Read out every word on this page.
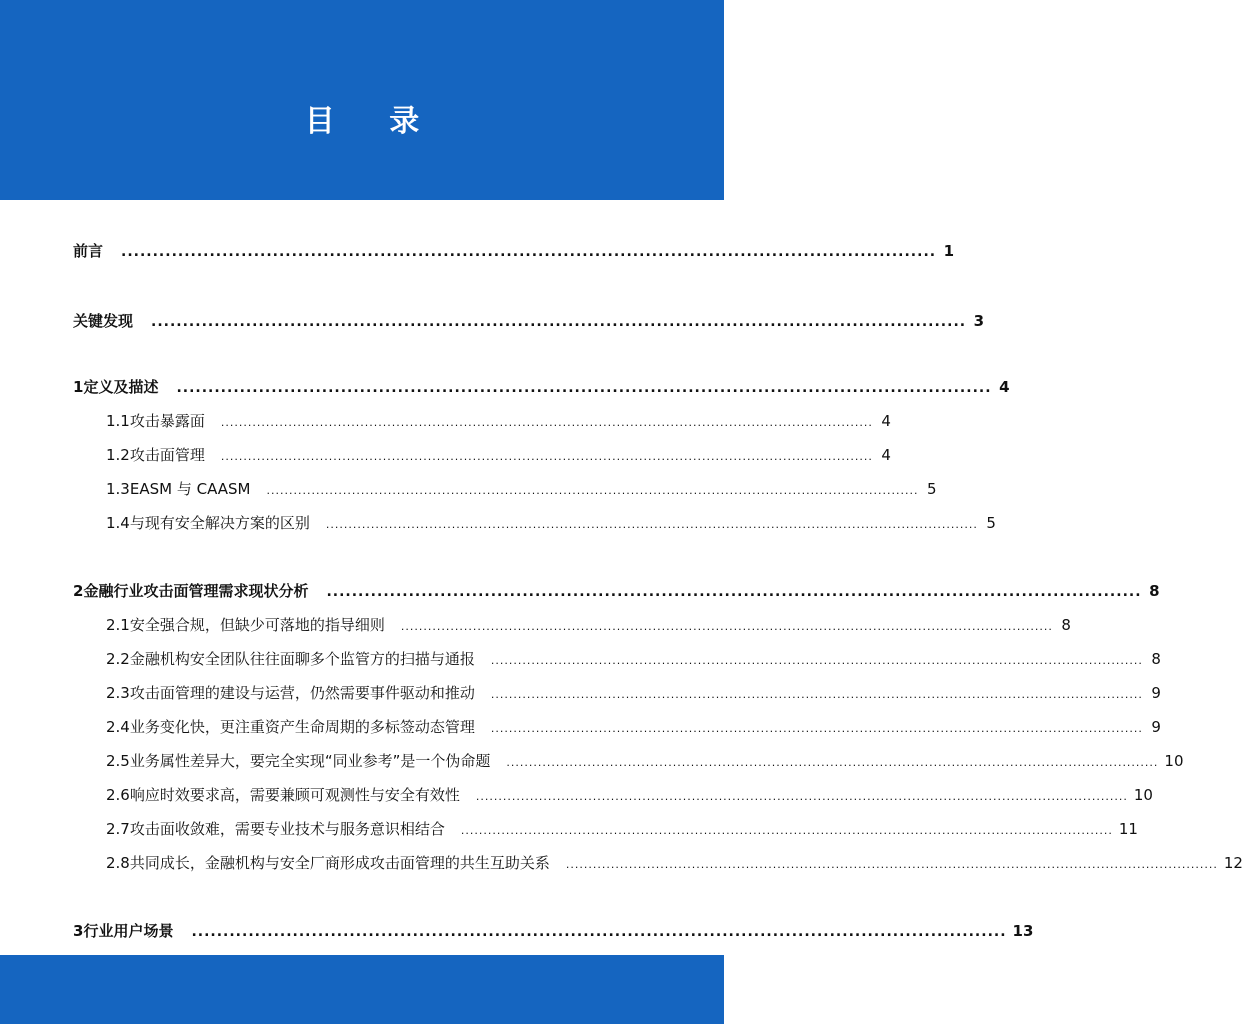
目 录
前言 ................................................................................................................................. 1
关键发现 ................................................................................................................................. 3
1 定义及描述 ................................................................................................................................. 4
1.1 攻击暴露面 ................................................................................................................................................. 4
1.2 攻击面管理 ................................................................................................................................................. 4
1.3 EASM 与 CAASM ................................................................................................................................................. 5
1.4 与现有安全解决方案的区别 ................................................................................................................................................. 5
2 金融行业攻击面管理需求现状分析 ................................................................................................................................. 8
2.1 安全强合规，但缺少可落地的指导细则 ................................................................................................................................................. 8
2.2 金融机构安全团队往往面聊多个监管方的扫描与通报 ................................................................................................................................................. 8
2.3 攻击面管理的建设与运营，仍然需要事件驱动和推动 ................................................................................................................................................. 9
2.4 业务变化快，更注重资产生命周期的多标签动态管理 ................................................................................................................................................. 9
2.5 业务属性差异大，要完全实现“同业参考”是一个伪命题 ................................................................................................................................................. 10
2.6 响应时效要求高，需要兼顾可观测性与安全有效性 ................................................................................................................................................. 10
2.7 攻击面收敛难，需要专业技术与服务意识相结合 ................................................................................................................................................. 11
2.8 共同成长，金融机构与安全厂商形成攻击面管理的共生互助关系 ................................................................................................................................................. 12
3 行业用户场景 ................................................................................................................................. 13
